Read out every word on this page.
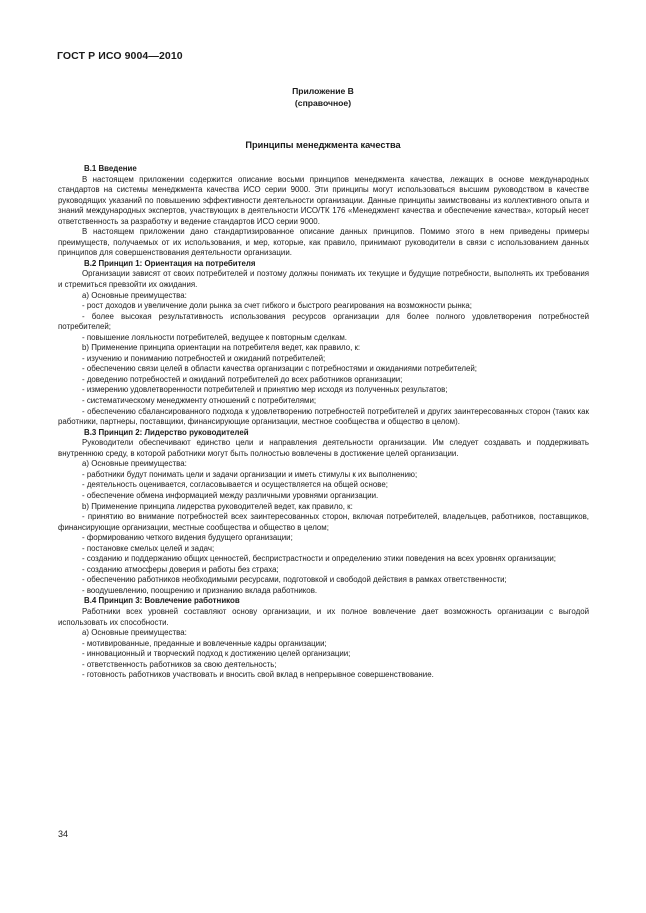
ГОСТ Р ИСО 9004—2010
Приложение В
(справочное)
Принципы менеджмента качества
В.1 Введение

В настоящем приложении содержится описание восьми принципов менеджмента качества, лежащих в основе международных стандартов на системы менеджмента качества ИСО серии 9000. Эти принципы могут использоваться высшим руководством в качестве руководящих указаний по повышению эффективности деятельности организации. Данные принципы заимствованы из коллективного опыта и знаний международных экспертов, участвующих в деятельности ИСО/ТК 176 «Менеджмент качества и обеспечение качества», который несет ответственность за разработку и ведение стандартов ИСО серии 9000.

В настоящем приложении дано стандартизированное описание данных принципов. Помимо этого в нем приведены примеры преимуществ, получаемых от их использования, и мер, которые, как правило, принимают руководители в связи с использованием данных принципов для совершенствования деятельности организации.

В.2 Принцип 1: Ориентация на потребителя

Организации зависят от своих потребителей и поэтому должны понимать их текущие и будущие потребности, выполнять их требования и стремиться превзойти их ожидания.

a) Основные преимущества:

- рост доходов и увеличение доли рынка за счет гибкого и быстрого реагирования на возможности рынка;

- более высокая результативность использования ресурсов организации для более полного удовлетворения потребностей потребителей;

- повышение лояльности потребителей, ведущее к повторным сделкам.

b) Применение принципа ориентации на потребителя ведет, как правило, к:

- изучению и пониманию потребностей и ожиданий потребителей;

- обеспечению связи целей в области качества организации с потребностями и ожиданиями потребителей;

- доведению потребностей и ожиданий потребителей до всех работников организации;

- измерению удовлетворенности потребителей и принятию мер исходя из полученных результатов;

- систематическому менеджменту отношений с потребителями;

- обеспечению сбалансированного подхода к удовлетворению потребностей потребителей и других заинтересованных сторон (таких как работники, партнеры, поставщики, финансирующие организации, местное сообщества и общество в целом).

В.3 Принцип 2: Лидерство руководителей

Руководители обеспечивают единство цели и направления деятельности организации. Им следует создавать и поддерживать внутреннюю среду, в которой работники могут быть полностью вовлечены в достижение целей организации.

a) Основные преимущества:

- работники будут понимать цели и задачи организации и иметь стимулы к их выполнению;

- деятельность оценивается, согласовывается и осуществляется на общей основе;

- обеспечение обмена информацией между различными уровнями организации.

b) Применение принципа лидерства руководителей ведет, как правило, к:

- принятию во внимание потребностей всех заинтересованных сторон, включая потребителей, владельцев, работников, поставщиков, финансирующие организации, местные сообщества и общество в целом;

- формированию четкого видения будущего организации;

- постановке смелых целей и задач;

- созданию и поддержанию общих ценностей, беспристрастности и определению этики поведения на всех уровнях организации;

- созданию атмосферы доверия и работы без страха;

- обеспечению работников необходимыми ресурсами, подготовкой и свободой действия в рамках ответственности;

- воодушевлению, поощрению и признанию вклада работников.

В.4 Принцип 3: Вовлечение работников

Работники всех уровней составляют основу организации, и их полное вовлечение дает возможность организации с выгодой использовать их способности.

a) Основные преимущества:

- мотивированные, преданные и вовлеченные кадры организации;

- инновационный и творческий подход к достижению целей организации;

- ответственность работников за свою деятельность;

- готовность работников участвовать и вносить свой вклад в непрерывное совершенствование.

34
